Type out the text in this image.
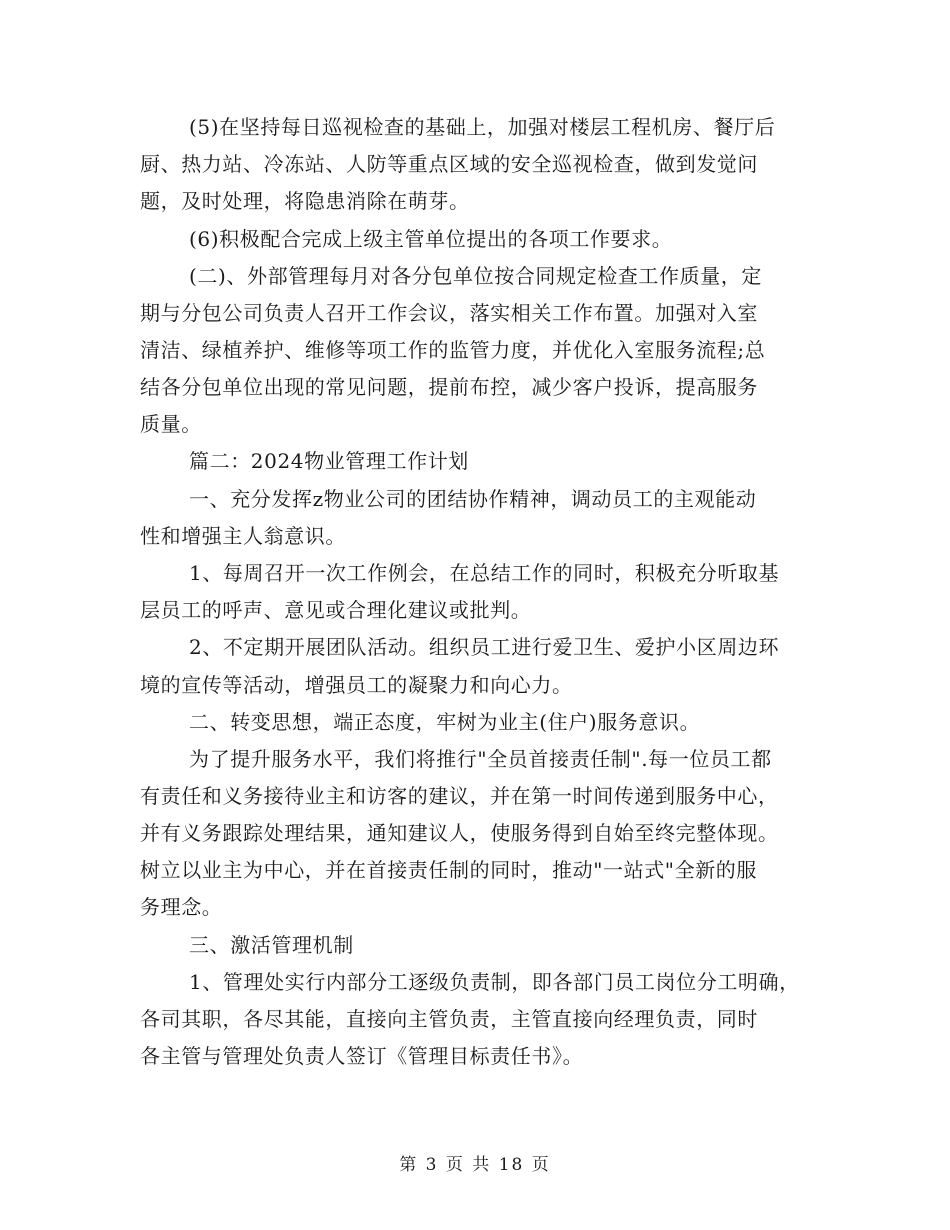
(5)在坚持每日巡视检查的基础上，加强对楼层工程机房、餐厅后
厨、热力站、冷冻站、人防等重点区域的安全巡视检查，做到发觉问
题，及时处理，将隐患消除在萌芽。
(6)积极配合完成上级主管单位提出的各项工作要求。
(二)、外部管理每月对各分包单位按合同规定检查工作质量，定
期与分包公司负责人召开工作会议，落实相关工作布置。加强对入室
清洁、绿植养护、维修等项工作的监管力度，并优化入室服务流程;总
结各分包单位出现的常见问题，提前布控，减少客户投诉，提高服务
质量。
篇二：2024物业管理工作计划
一、充分发挥z物业公司的团结协作精神，调动员工的主观能动
性和增强主人翁意识。
1、每周召开一次工作例会，在总结工作的同时，积极充分听取基
层员工的呼声、意见或合理化建议或批判。
2、不定期开展团队活动。组织员工进行爱卫生、爱护小区周边环
境的宣传等活动，增强员工的凝聚力和向心力。
二、转变思想，端正态度，牢树为业主(住户)服务意识。
为了提升服务水平，我们将推行"全员首接责任制".每一位员工都
有责任和义务接待业主和访客的建议，并在第一时间传递到服务中心，
并有义务跟踪处理结果，通知建议人，使服务得到自始至终完整体现。
树立以业主为中心，并在首接责任制的同时，推动"一站式"全新的服
务理念。
三、激活管理机制
1、管理处实行内部分工逐级负责制，即各部门员工岗位分工明确，
各司其职，各尽其能，直接向主管负责，主管直接向经理负责，同时
各主管与管理处负责人签订《管理目标责任书》。
第 3 页 共 18 页
